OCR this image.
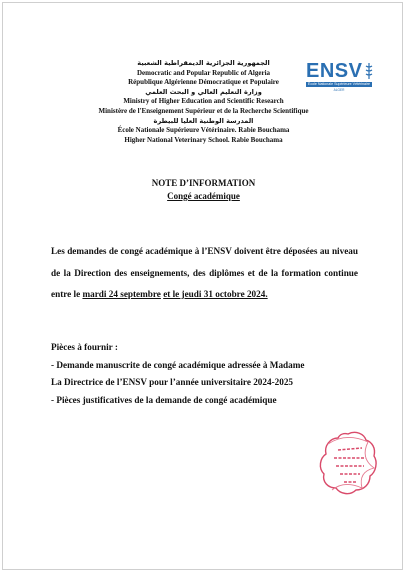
ENSV
École Nationale Supérieure Vétérinaire
ALGER
الجمهورية الجزائرية الديمقراطية الشعبية
Democratic and Popular Republic of Algeria
République Algérienne Démocratique et Populaire
وزارة التعليم العالي و البحث العلمي
Ministry of Higher Education and Scientific Research
Ministère de l'Enseignement Supérieur et de la Recherche Scientifique
المدرسة الوطنية العليا للبيطرة
École Nationale Supérieure Vétérinaire. Rabie Bouchama
Higher National Veterinary School. Rabie Bouchama
NOTE D’INFORMATION
Congé académique
Les demandes de congé académique à l’ENSV doivent être déposées au niveau de la Direction des enseignements, des diplômes et de la formation continue entre le mardi 24 septembre et le jeudi 31 octobre 2024.

Pièces à fournir :

- Demande manuscrite de congé académique adressée à Madame

La Directrice de l’ENSV pour l’année universitaire 2024-2025

- Pièces justificatives de la demande de congé académique
